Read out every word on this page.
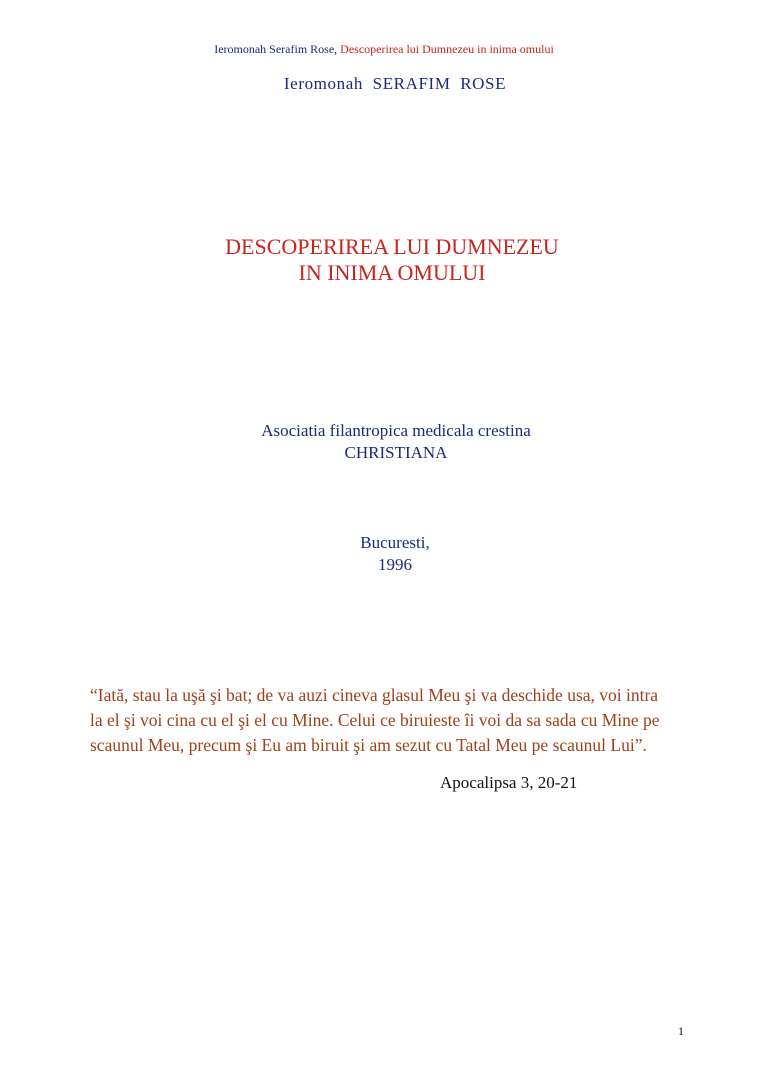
Ieromonah Serafim Rose, Descoperirea lui Dumnezeu in inima omului
Ieromonah  SERAFIM  ROSE
DESCOPERIREA LUI DUMNEZEU
IN INIMA OMULUI
Asociatia filantropica medicala crestina
CHRISTIANA
Bucuresti,
1996
“Iată, stau la uşă şi bat; de va auzi cineva glasul Meu şi va deschide usa, voi intra
la el şi voi cina cu el şi el cu Mine. Celui ce biruieste îi voi da sa sada cu Mine pe
scaunul Meu, precum şi Eu am biruit şi am sezut cu Tatal Meu pe scaunul Lui”.
Apocalipsa 3, 20-21
1
